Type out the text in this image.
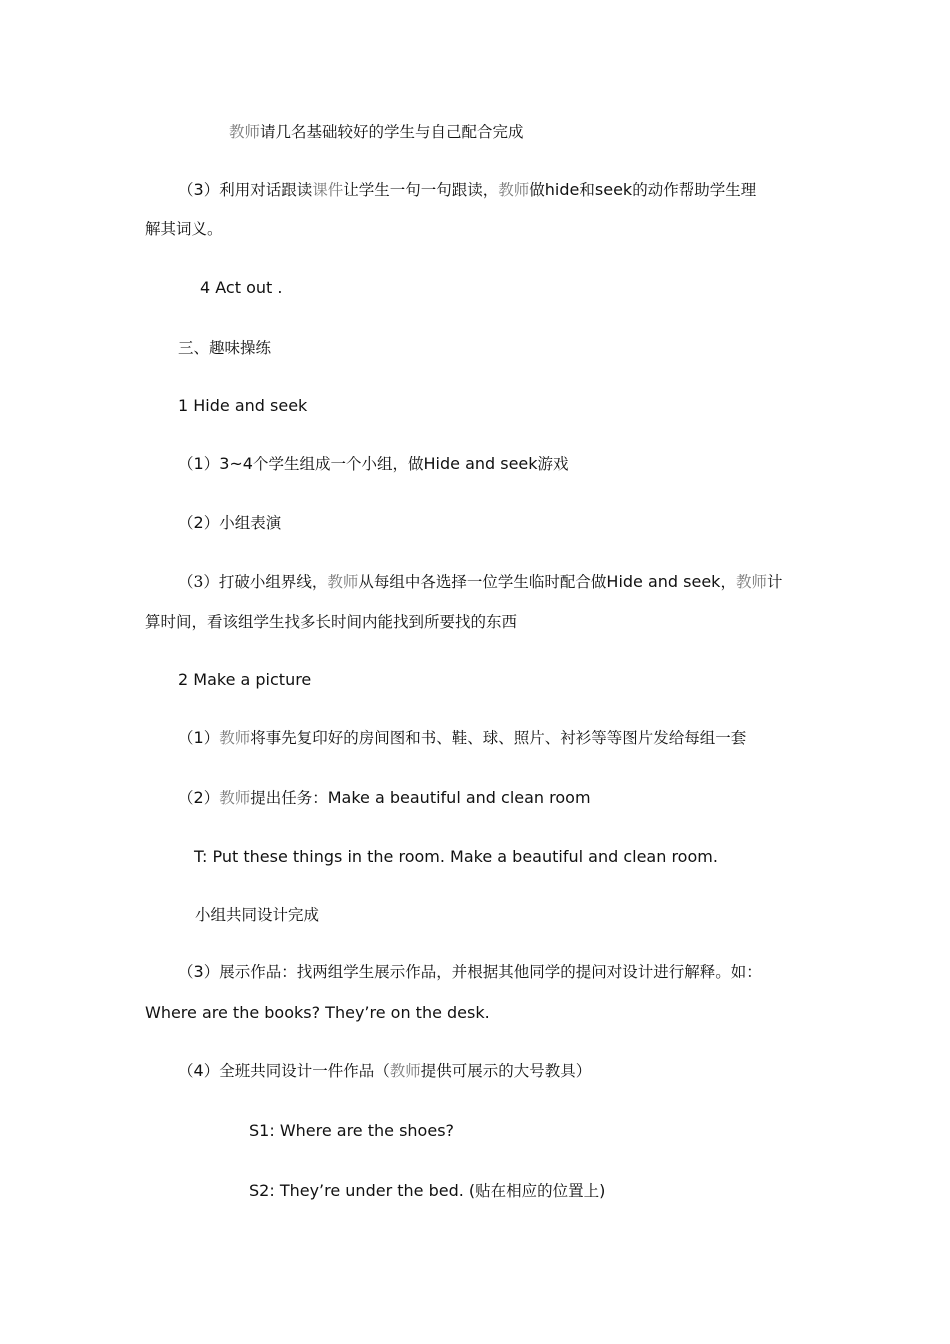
教师请几名基础较好的学生与自己配合完成
（3）利用对话跟读课件让学生一句一句跟读，教师做hide和seek的动作帮助学生理
解其词义。
4 Act out .
三、趣味操练
1 Hide and seek
（1）3~4个学生组成一个小组，做Hide and seek游戏
（2）小组表演
（3）打破小组界线，教师从每组中各选择一位学生临时配合做Hide and seek，教师计
算时间，看该组学生找多长时间内能找到所要找的东西
2 Make a picture
（1）教师将事先复印好的房间图和书、鞋、球、照片、衬衫等等图片发给每组一套
（2）教师提出任务：Make a beautiful and clean room
T: Put these things in the room. Make a beautiful and clean room.
小组共同设计完成
（3）展示作品：找两组学生展示作品，并根据其他同学的提问对设计进行解释。如：
Where are the books? They’re on the desk.
（4）全班共同设计一件作品（教师提供可展示的大号教具）
S1: Where are the shoes?
S2: They’re under the bed. (贴在相应的位置上)
